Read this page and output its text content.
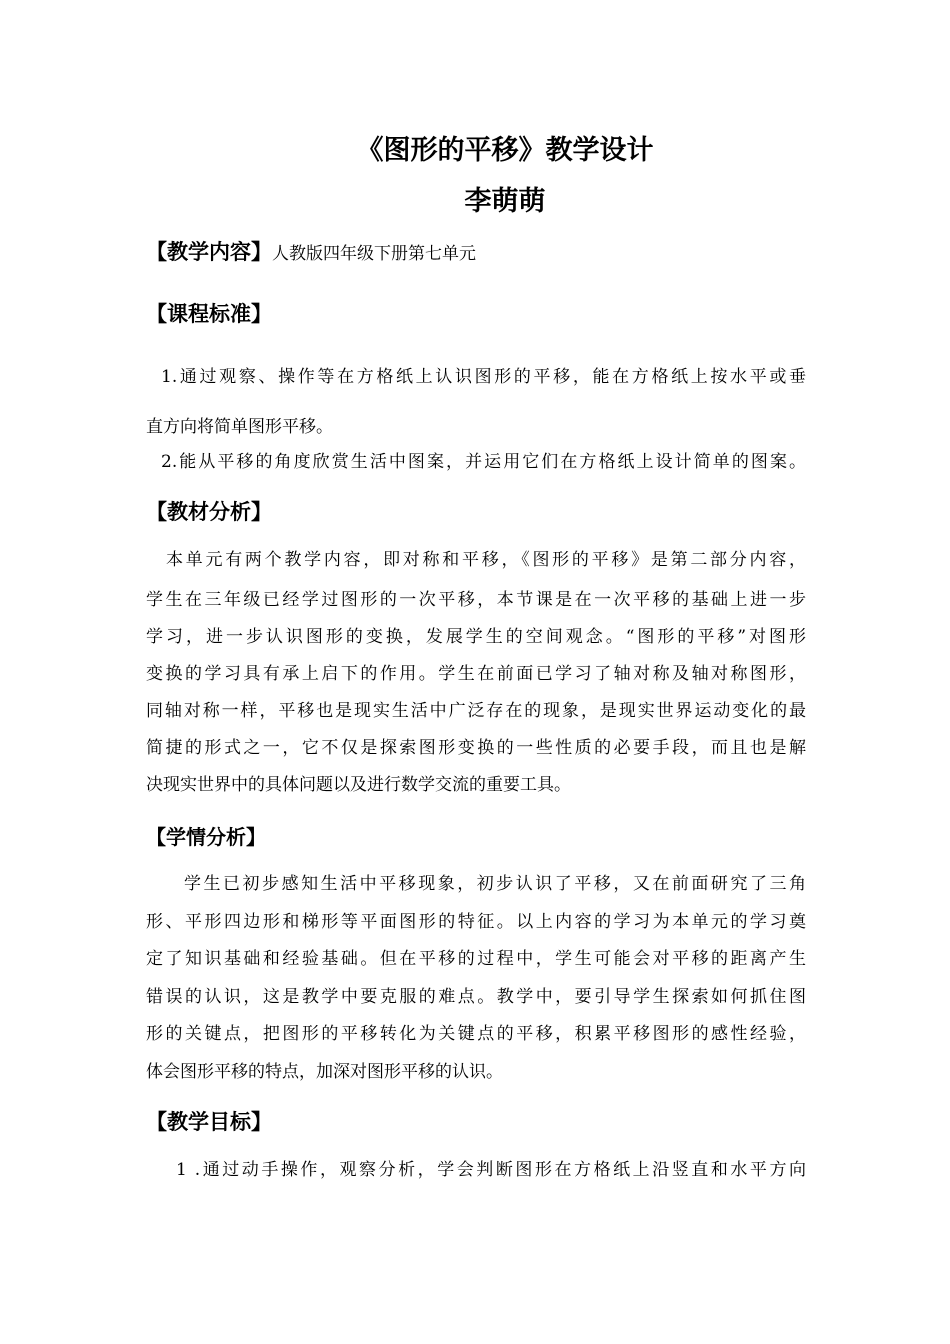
《图形的平移》教学设计
李萌萌
【教学内容】人教版四年级下册第七单元
【课程标准】
1.通过观察、操作等在方格纸上认识图形的平移，能在方格纸上按水平或垂
直方向将简单图形平移。
2.能从平移的角度欣赏生活中图案，并运用它们在方格纸上设计简单的图案。
【教材分析】
本单元有两个教学内容，即对称和平移，《图形的平移》是第二部分内容，
学生在三年级已经学过图形的一次平移，本节课是在一次平移的基础上进一步
学习，进一步认识图形的变换，发展学生的空间观念。“图形的平移”对图形
变换的学习具有承上启下的作用。学生在前面已学习了轴对称及轴对称图形，
同轴对称一样，平移也是现实生活中广泛存在的现象，是现实世界运动变化的最
简捷的形式之一，它不仅是探索图形变换的一些性质的必要手段，而且也是解
决现实世界中的具体问题以及进行数学交流的重要工具。
【学情分析】
学生已初步感知生活中平移现象，初步认识了平移，又在前面研究了三角
形、平形四边形和梯形等平面图形的特征。以上内容的学习为本单元的学习奠
定了知识基础和经验基础。但在平移的过程中，学生可能会对平移的距离产生
错误的认识，这是教学中要克服的难点。教学中，要引导学生探索如何抓住图
形的关键点，把图形的平移转化为关键点的平移，积累平移图形的感性经验，
体会图形平移的特点，加深对图形平移的认识。
【教学目标】
1 .通过动手操作，观察分析，学会判断图形在方格纸上沿竖直和水平方向
